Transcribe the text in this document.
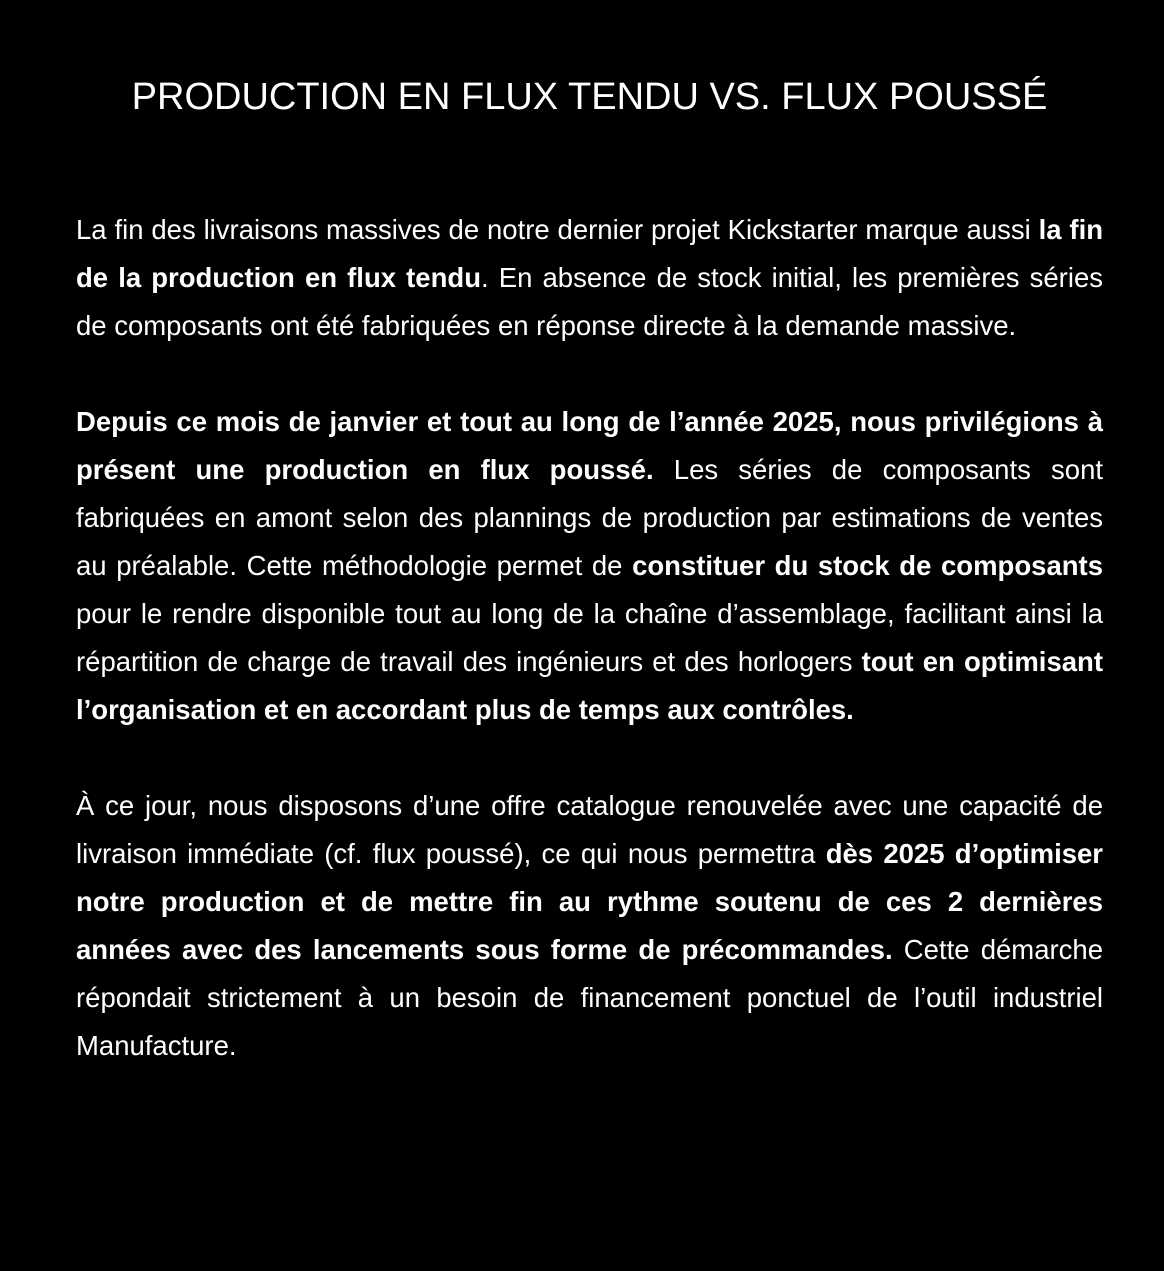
PRODUCTION EN FLUX TENDU VS. FLUX POUSSÉ

La fin des livraisons massives de notre dernier projet Kickstarter marque aussi la fin de la production en flux tendu. En absence de stock initial, les premières séries de composants ont été fabriquées en réponse directe à la demande massive.

Depuis ce mois de janvier et tout au long de l’année 2025, nous privilégions à présent une production en flux poussé. Les séries de composants sont fabriquées en amont selon des plannings de production par estimations de ventes au préalable. Cette méthodologie permet de constituer du stock de composants pour le rendre disponible tout au long de la chaîne d’assemblage, facilitant ainsi la répartition de charge de travail des ingénieurs et des horlogers tout en optimisant l’organisation et en accordant plus de temps aux contrôles.

À ce jour, nous disposons d’une offre catalogue renouvelée avec une capacité de livraison immédiate (cf. flux poussé), ce qui nous permettra dès 2025 d’optimiser notre production et de mettre fin au rythme soutenu de ces 2 dernières années avec des lancements sous forme de précommandes. Cette démarche répondait strictement à un besoin de financement ponctuel de l’outil industriel Manufacture.
